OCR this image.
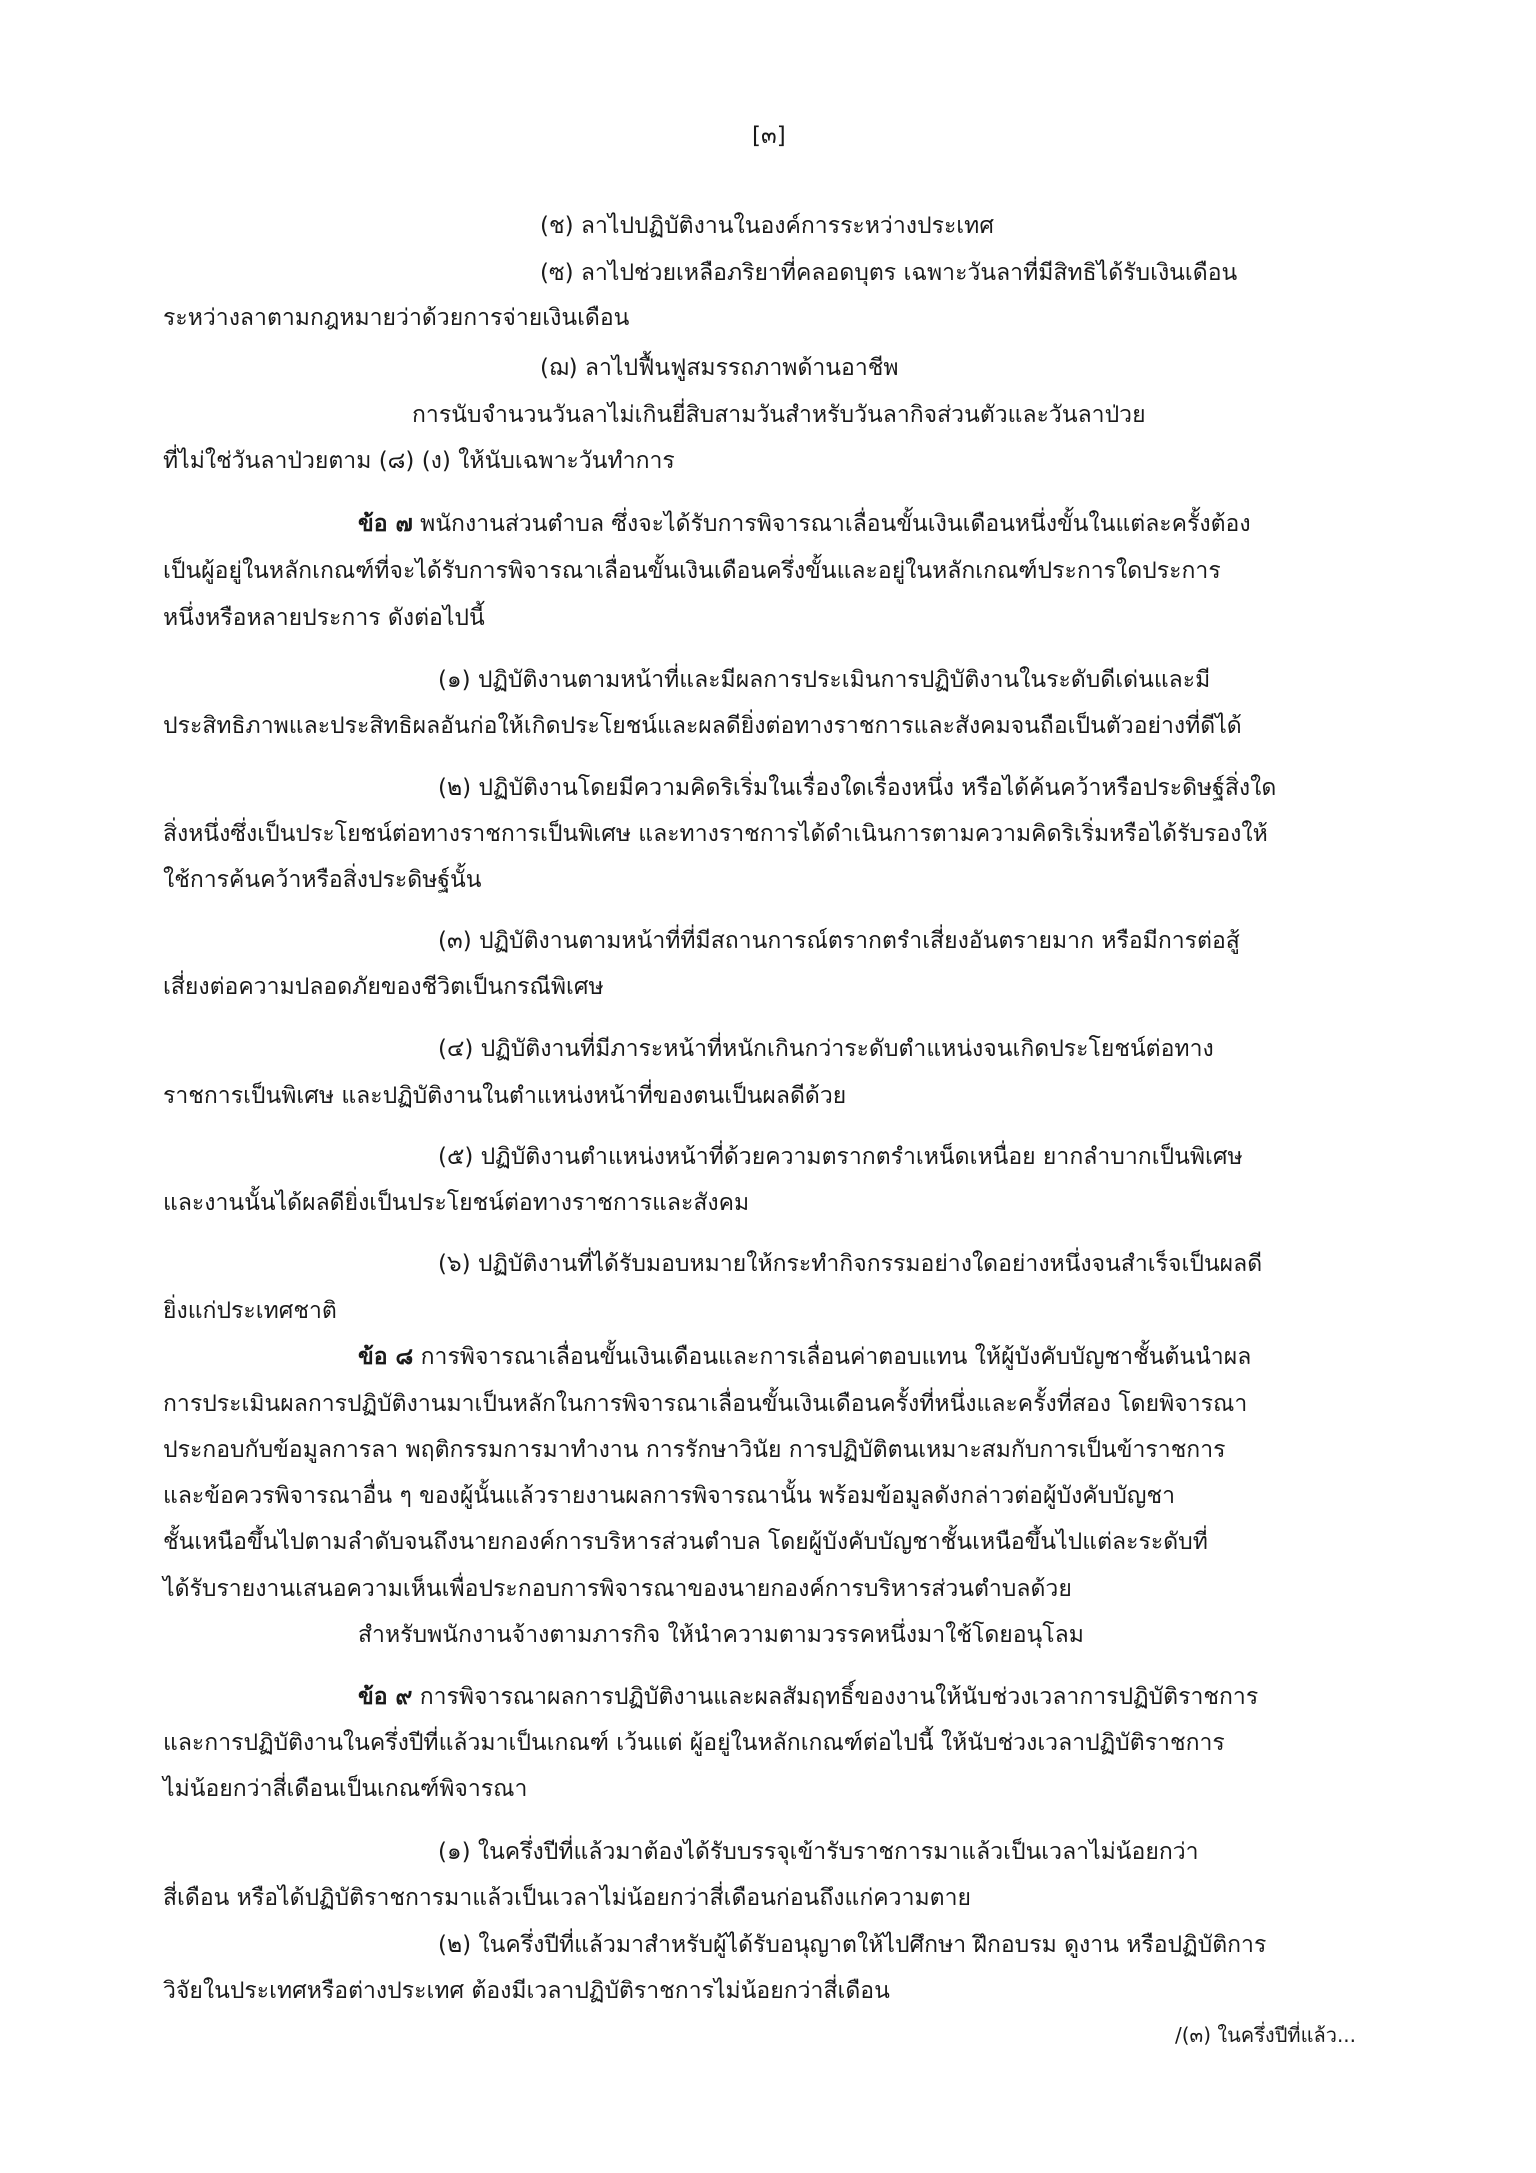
[๓]
(ช) ลาไปปฏิบัติงานในองค์การระหว่างประเทศ
(ซ) ลาไปช่วยเหลือภริยาที่คลอดบุตร เฉพาะวันลาที่มีสิทธิได้รับเงินเดือน
ระหว่างลาตามกฎหมายว่าด้วยการจ่ายเงินเดือน
(ฌ) ลาไปฟื้นฟูสมรรถภาพด้านอาชีพ
การนับจำนวนวันลาไม่เกินยี่สิบสามวันสำหรับวันลากิจส่วนตัวและวันลาป่วย
ที่ไม่ใช่วันลาป่วยตาม (๘) (ง) ให้นับเฉพาะวันทำการ
ข้อ ๗ พนักงานส่วนตำบล ซึ่งจะได้รับการพิจารณาเลื่อนขั้นเงินเดือนหนึ่งขั้นในแต่ละครั้งต้อง
เป็นผู้อยู่ในหลักเกณฑ์ที่จะได้รับการพิจารณาเลื่อนขั้นเงินเดือนครึ่งขั้นและอยู่ในหลักเกณฑ์ประการใดประการ
หนึ่งหรือหลายประการ ดังต่อไปนี้
(๑) ปฏิบัติงานตามหน้าที่และมีผลการประเมินการปฏิบัติงานในระดับดีเด่นและมี
ประสิทธิภาพและประสิทธิผลอันก่อให้เกิดประโยชน์และผลดียิ่งต่อทางราชการและสังคมจนถือเป็นตัวอย่างที่ดีได้
(๒) ปฏิบัติงานโดยมีความคิดริเริ่มในเรื่องใดเรื่องหนึ่ง หรือได้ค้นคว้าหรือประดิษฐ์สิ่งใด
สิ่งหนึ่งซึ่งเป็นประโยชน์ต่อทางราชการเป็นพิเศษ และทางราชการได้ดำเนินการตามความคิดริเริ่มหรือได้รับรองให้
ใช้การค้นคว้าหรือสิ่งประดิษฐ์นั้น
(๓) ปฏิบัติงานตามหน้าที่ที่มีสถานการณ์ตรากตรำเสี่ยงอันตรายมาก หรือมีการต่อสู้
เสี่ยงต่อความปลอดภัยของชีวิตเป็นกรณีพิเศษ
(๔) ปฏิบัติงานที่มีภาระหน้าที่หนักเกินกว่าระดับตำแหน่งจนเกิดประโยชน์ต่อทาง
ราชการเป็นพิเศษ และปฏิบัติงานในตำแหน่งหน้าที่ของตนเป็นผลดีด้วย
(๕) ปฏิบัติงานตำแหน่งหน้าที่ด้วยความตรากตรำเหน็ดเหนื่อย ยากลำบากเป็นพิเศษ
และงานนั้นได้ผลดียิ่งเป็นประโยชน์ต่อทางราชการและสังคม
(๖) ปฏิบัติงานที่ได้รับมอบหมายให้กระทำกิจกรรมอย่างใดอย่างหนึ่งจนสำเร็จเป็นผลดี
ยิ่งแก่ประเทศชาติ
ข้อ ๘ การพิจารณาเลื่อนขั้นเงินเดือนและการเลื่อนค่าตอบแทน ให้ผู้บังคับบัญชาชั้นต้นนำผล
การประเมินผลการปฏิบัติงานมาเป็นหลักในการพิจารณาเลื่อนขั้นเงินเดือนครั้งที่หนึ่งและครั้งที่สอง โดยพิจารณา
ประกอบกับข้อมูลการลา พฤติกรรมการมาทำงาน การรักษาวินัย การปฏิบัติตนเหมาะสมกับการเป็นข้าราชการ
และข้อควรพิจารณาอื่น ๆ ของผู้นั้นแล้วรายงานผลการพิจารณานั้น พร้อมข้อมูลดังกล่าวต่อผู้บังคับบัญชา
ชั้นเหนือขึ้นไปตามลำดับจนถึงนายกองค์การบริหารส่วนตำบล โดยผู้บังคับบัญชาชั้นเหนือขึ้นไปแต่ละระดับที่
ได้รับรายงานเสนอความเห็นเพื่อประกอบการพิจารณาของนายกองค์การบริหารส่วนตำบลด้วย
สำหรับพนักงานจ้างตามภารกิจ ให้นำความตามวรรคหนึ่งมาใช้โดยอนุโลม
ข้อ ๙ การพิจารณาผลการปฏิบัติงานและผลสัมฤทธิ์ของงานให้นับช่วงเวลาการปฏิบัติราชการ
และการปฏิบัติงานในครึ่งปีที่แล้วมาเป็นเกณฑ์ เว้นแต่ ผู้อยู่ในหลักเกณฑ์ต่อไปนี้ ให้นับช่วงเวลาปฏิบัติราชการ
ไม่น้อยกว่าสี่เดือนเป็นเกณฑ์พิจารณา
(๑) ในครึ่งปีที่แล้วมาต้องได้รับบรรจุเข้ารับราชการมาแล้วเป็นเวลาไม่น้อยกว่า
สี่เดือน หรือได้ปฏิบัติราชการมาแล้วเป็นเวลาไม่น้อยกว่าสี่เดือนก่อนถึงแก่ความตาย
(๒) ในครึ่งปีที่แล้วมาสำหรับผู้ได้รับอนุญาตให้ไปศึกษา ฝึกอบรม ดูงาน หรือปฏิบัติการ
วิจัยในประเทศหรือต่างประเทศ ต้องมีเวลาปฏิบัติราชการไม่น้อยกว่าสี่เดือน
/(๓) ในครึ่งปีที่แล้ว...
